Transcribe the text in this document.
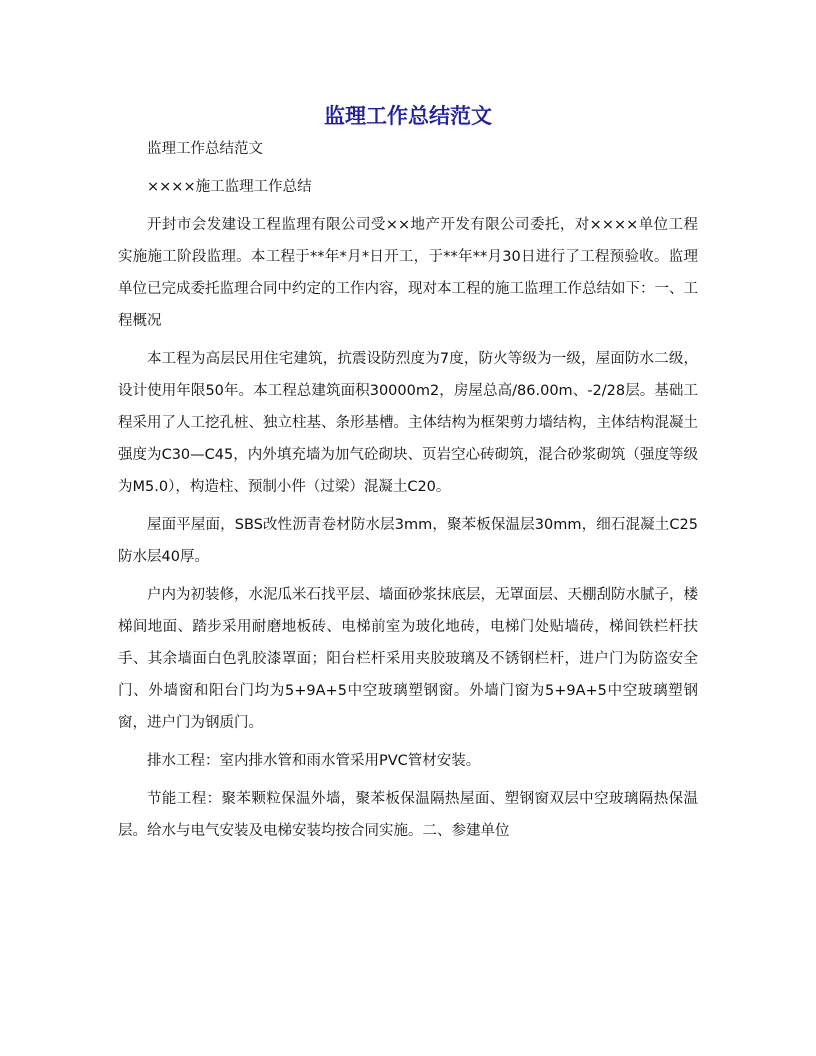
监理工作总结范文

监理工作总结范文

××××施工监理工作总结

开封市会发建设工程监理有限公司受××地产开发有限公司委托，对××××单位工程实施施工阶段监理。本工程于**年*月*日开工，于**年**月30日进行了工程预验收。监理单位已完成委托监理合同中约定的工作内容，现对本工程的施工监理工作总结如下：一、工程概况

本工程为高层民用住宅建筑，抗震设防烈度为7度，防火等级为一级，屋面防水二级，设计使用年限50年。本工程总建筑面积30000m2，房屋总高/86.00m、-2/28层。基础工程采用了人工挖孔桩、独立柱基、条形基槽。主体结构为框架剪力墙结构，主体结构混凝土强度为C30—C45，内外填充墙为加气砼砌块、页岩空心砖砌筑，混合砂浆砌筑（强度等级为M5.0），构造柱、预制小件（过梁）混凝土C20。

屋面平屋面，SBS改性沥青卷材防水层3mm，聚苯板保温层30mm，细石混凝土C25防水层40厚。

户内为初装修，水泥瓜米石找平层、墙面砂浆抹底层，无罩面层、天棚刮防水腻子，楼梯间地面、踏步采用耐磨地板砖、电梯前室为玻化地砖，电梯门处贴墙砖，梯间铁栏杆扶手、其余墙面白色乳胶漆罩面；阳台栏杆采用夹胶玻璃及不锈钢栏杆，进户门为防盗安全门、外墙窗和阳台门均为5+9A+5中空玻璃塑钢窗。外墙门窗为5+9A+5中空玻璃塑钢窗，进户门为钢质门。

排水工程：室内排水管和雨水管采用PVC管材安装。

节能工程：聚苯颗粒保温外墙，聚苯板保温隔热屋面、塑钢窗双层中空玻璃隔热保温层。给水与电气安装及电梯安装均按合同实施。二、参建单位
